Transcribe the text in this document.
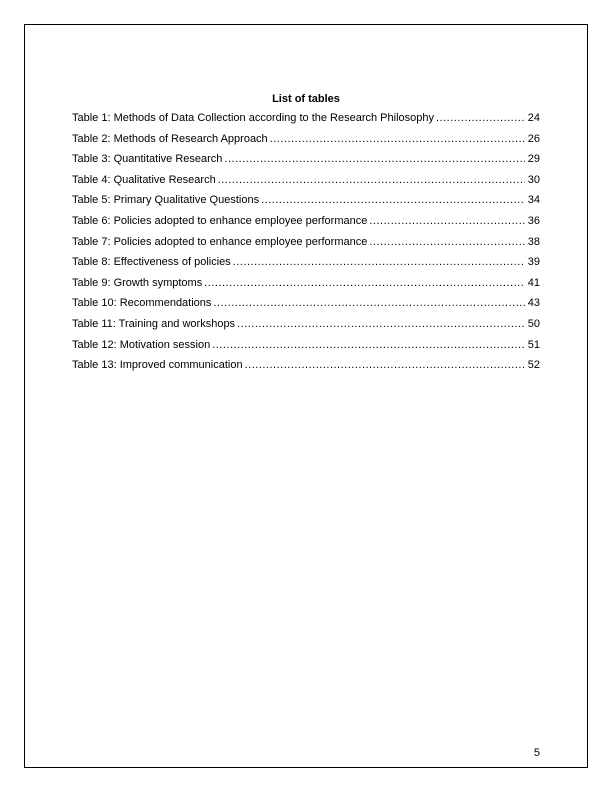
List of tables
Table 1: Methods of Data Collection according to the Research Philosophy .....	24
Table 2: Methods of Research Approach .....	26
Table 3: Quantitative Research .....	29
Table 4: Qualitative Research .....	30
Table 5: Primary Qualitative Questions .....	34
Table 6: Policies adopted to enhance employee performance .....	36
Table 7: Policies adopted to enhance employee performance .....	38
Table 8: Effectiveness of policies .....	39
Table 9: Growth symptoms .....	41
Table 10: Recommendations .....	43
Table 11: Training and workshops .....	50
Table 12: Motivation session .....	51
Table 13: Improved communication .....	52
5
